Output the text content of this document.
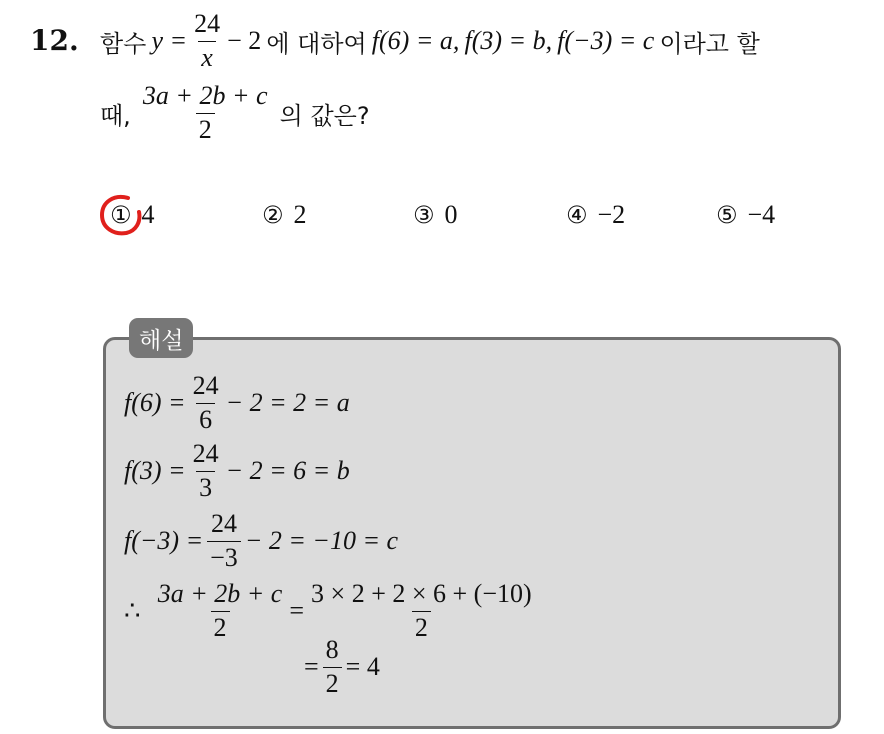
12. 함수
$y = \frac{24}{x} - 2$
에 대하여
f(6) = a,
f(3) = b,
f(−3) = c
이라고 할
때,
$\frac{3a + 2b + c}{2}$
의 값은?
① 4	② 2	③ 0	④ −2	⑤ −4
해설
$f(6) = \frac{24}{6} - 2 = 2 = a$
$f(3) = \frac{24}{3} - 2 = 6 = b$
$f(-3) = \frac{24}{-3} - 2 = -10 = c$
∴
$\frac{3a + 2b + c}{2} = \frac{3 \times 2 + 2 \times 6 + (-10)}{2}$
= $\frac{8}{2} = 4$
